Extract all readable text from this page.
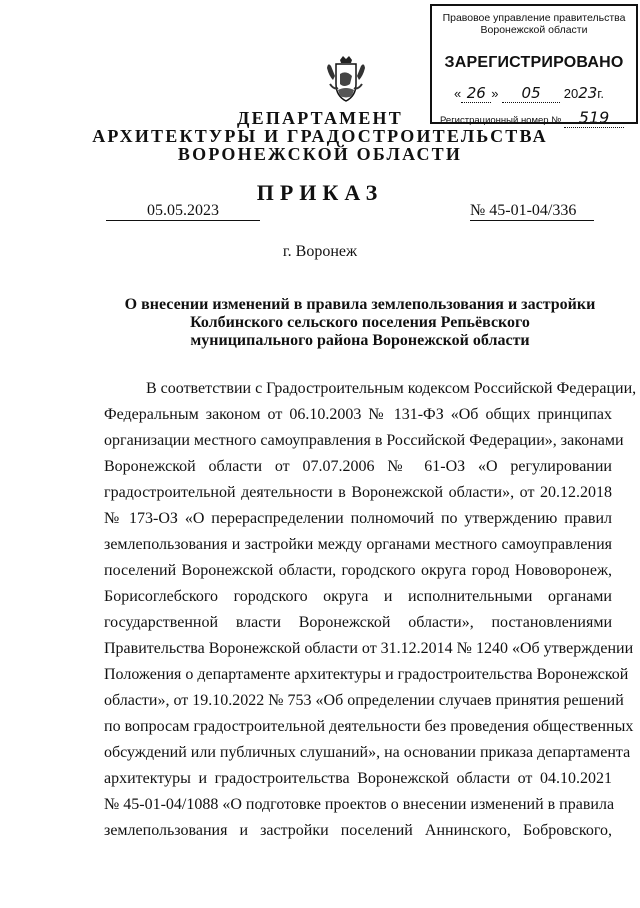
Правовое управление правительства
Воронежской области
ЗАРЕГИСТРИРОВАНО
« 26 » 05 2023г.
Регистрационный номер № 519
ДЕПАРТАМЕНТ
АРХИТЕКТУРЫ И ГРАДОСТРОИТЕЛЬСТВА
ВОРОНЕЖСКОЙ ОБЛАСТИ
ПРИКАЗ
05.05.2023	№ 45-01-04/336
г. Воронеж
О внесении изменений в правила землепользования и застройки
Колбинского сельского поселения Репьёвского
муниципального района Воронежской области
В соответствии с Градостроительным кодексом Российской Федерации,
Федеральным законом от 06.10.2003 № 131-ФЗ «Об общих принципах
организации местного самоуправления в Российской Федерации», законами
Воронежской области от 07.07.2006 № 61-ОЗ «О регулировании
градостроительной деятельности в Воронежской области», от 20.12.2018
№ 173-ОЗ «О перераспределении полномочий по утверждению правил
землепользования и застройки между органами местного самоуправления
поселений Воронежской области, городского округа город Нововоронеж,
Борисоглебского городского округа и исполнительными органами
государственной власти Воронежской области», постановлениями
Правительства Воронежской области от 31.12.2014 № 1240 «Об утверждении
Положения о департаменте архитектуры и градостроительства Воронежской
области», от 19.10.2022 № 753 «Об определении случаев принятия решений
по вопросам градостроительной деятельности без проведения общественных
обсуждений или публичных слушаний», на основании приказа департамента
архитектуры и градостроительства Воронежской области от 04.10.2021
№ 45-01-04/1088 «О подготовке проектов о внесении изменений в правила
землепользования и застройки поселений Аннинского, Бобровского,
